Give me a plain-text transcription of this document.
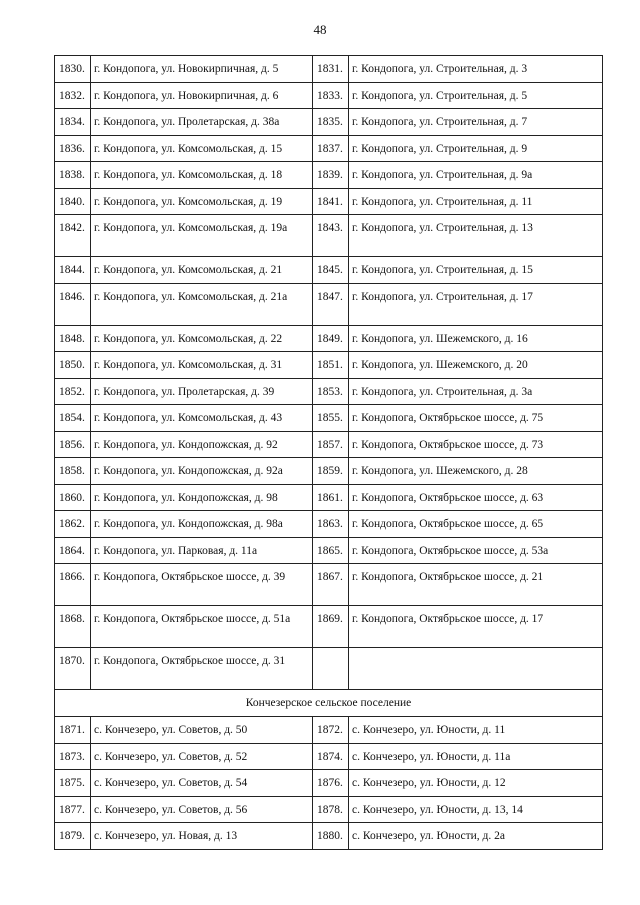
48
1830.	г. Кондопога, ул. Новокирпичная, д. 5	1831.	г. Кондопога, ул. Строительная, д. 3
1832.	г. Кондопога, ул. Новокирпичная, д. 6	1833.	г. Кондопога, ул. Строительная, д. 5
1834.	г. Кондопога, ул. Пролетарская, д. 38а	1835.	г. Кондопога, ул. Строительная, д. 7
1836.	г. Кондопога, ул. Комсомольская, д. 15	1837.	г. Кондопога, ул. Строительная, д. 9
1838.	г. Кондопога, ул. Комсомольская, д. 18	1839.	г. Кондопога, ул. Строительная, д. 9а
1840.	г. Кондопога, ул. Комсомольская, д. 19	1841.	г. Кондопога, ул. Строительная, д. 11
1842.	г. Кондопога, ул. Комсомольская, д. 19а	1843.	г. Кондопога, ул. Строительная, д. 13
1844.	г. Кондопога, ул. Комсомольская, д. 21	1845.	г. Кондопога, ул. Строительная, д. 15
1846.	г. Кондопога, ул. Комсомольская, д. 21а	1847.	г. Кондопога, ул. Строительная, д. 17
1848.	г. Кондопога, ул. Комсомольская, д. 22	1849.	г. Кондопога, ул. Шежемского, д. 16
1850.	г. Кондопога, ул. Комсомольская, д. 31	1851.	г. Кондопога, ул. Шежемского, д. 20
1852.	г. Кондопога, ул. Пролетарская, д. 39	1853.	г. Кондопога, ул. Строительная, д. 3а
1854.	г. Кондопога, ул. Комсомольская, д. 43	1855.	г. Кондопога, Октябрьское шоссе, д. 75
1856.	г. Кондопога, ул. Кондопожская, д. 92	1857.	г. Кондопога, Октябрьское шоссе, д. 73
1858.	г. Кондопога, ул. Кондопожская, д. 92а	1859.	г. Кондопога, ул. Шежемского, д. 28
1860.	г. Кондопога, ул. Кондопожская, д. 98	1861.	г. Кондопога, Октябрьское шоссе, д. 63
1862.	г. Кондопога, ул. Кондопожская, д. 98а	1863.	г. Кондопога, Октябрьское шоссе, д. 65
1864.	г. Кондопога, ул. Парковая, д. 11а	1865.	г. Кондопога, Октябрьское шоссе, д. 53а
1866.	г. Кондопога, Октябрьское шоссе, д. 39	1867.	г. Кондопога, Октябрьское шоссе, д. 21
1868.	г. Кондопога, Октябрьское шоссе, д. 51а	1869.	г. Кондопога, Октябрьское шоссе, д. 17
1870.	г. Кондопога, Октябрьское шоссе, д. 31		
Кончезерское сельское поселение			
1871.	с. Кончезеро, ул. Советов, д. 50	1872.	с. Кончезеро, ул. Юности, д. 11
1873.	с. Кончезеро, ул. Советов, д. 52	1874.	с. Кончезеро, ул. Юности, д. 11а
1875.	с. Кончезеро, ул. Советов, д. 54	1876.	с. Кончезеро, ул. Юности, д. 12
1877.	с. Кончезеро, ул. Советов, д. 56	1878.	с. Кончезеро, ул. Юности, д. 13, 14
1879.	с. Кончезеро, ул. Новая, д. 13	1880.	с. Кончезеро, ул. Юности, д. 2а
